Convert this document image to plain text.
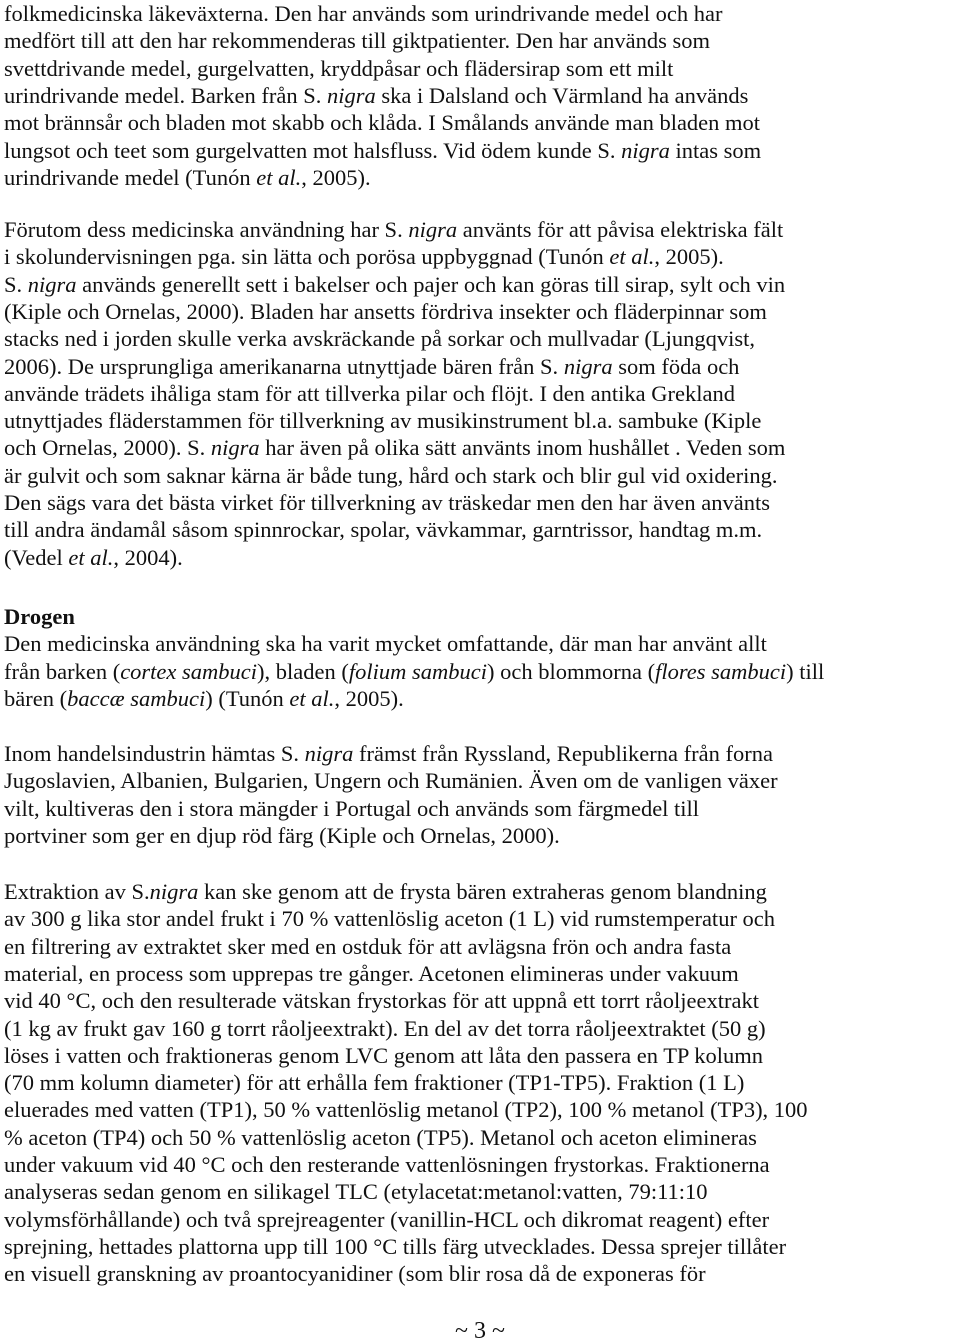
folkmedicinska läkeväxterna. Den har används som urindrivande medel och har
medfört till att den har rekommenderas till giktpatienter. Den har används som
svettdrivande medel, gurgelvatten, kryddpåsar och flädersirap som ett milt
urindrivande medel. Barken från S. nigra ska i Dalsland och Värmland ha används
mot brännsår och bladen mot skabb och klåda. I Smålands använde man bladen mot
lungsot och teet som gurgelvatten mot halsfluss. Vid ödem kunde S. nigra intas som
urindrivande medel (Tunón et al., 2005).
Förutom dess medicinska användning har S. nigra använts för att påvisa elektriska fält
i skolundervisningen pga. sin lätta och porösa uppbyggnad (Tunón et al., 2005).
S. nigra används generellt sett i bakelser och pajer och kan göras till sirap, sylt och vin
(Kiple och Ornelas, 2000). Bladen har ansetts fördriva insekter och fläderpinnar som
stacks ned i jorden skulle verka avskräckande på sorkar och mullvadar (Ljungqvist,
2006). De ursprungliga amerikanarna utnyttjade bären från S. nigra som föda och
använde trädets ihåliga stam för att tillverka pilar och flöjt. I den antika Grekland
utnyttjades fläderstammen för tillverkning av musikinstrument bl.a. sambuke (Kiple
och Ornelas, 2000). S. nigra har även på olika sätt använts inom hushållet . Veden som
är gulvit och som saknar kärna är både tung, hård och stark och blir gul vid oxidering.
Den sägs vara det bästa virket för tillverkning av träskedar men den har även använts
till andra ändamål såsom spinnrockar, spolar, vävkammar, garntrissor, handtag m.m.
(Vedel et al., 2004).
Drogen
Den medicinska användning ska ha varit mycket omfattande, där man har använt allt
från barken (cortex sambuci), bladen (folium sambuci) och blommorna (flores sambuci) till
bären (baccæ sambuci) (Tunón et al., 2005).
Inom handelsindustrin hämtas S. nigra främst från Ryssland, Republikerna från forna
Jugoslavien, Albanien, Bulgarien, Ungern och Rumänien. Även om de vanligen växer
vilt, kultiveras den i stora mängder i Portugal och används som färgmedel till
portviner som ger en djup röd färg (Kiple och Ornelas, 2000).
Extraktion av S.nigra kan ske genom att de frysta bären extraheras genom blandning
av 300 g lika stor andel frukt i 70 % vattenlöslig aceton (1 L) vid rumstemperatur och
en filtrering av extraktet sker med en ostduk för att avlägsna frön och andra fasta
material, en process som upprepas tre gånger. Acetonen elimineras under vakuum
vid 40 °C, och den resulterade vätskan frystorkas för att uppnå ett torrt råoljeextrakt
(1 kg av frukt gav 160 g torrt råoljeextrakt). En del av det torra råoljeextraktet (50 g)
löses i vatten och fraktioneras genom LVC genom att låta den passera en TP kolumn
(70 mm kolumn diameter) för att erhålla fem fraktioner (TP1-TP5). Fraktion (1 L)
eluerades med vatten (TP1), 50 % vattenlöslig metanol (TP2), 100 % metanol (TP3), 100
% aceton (TP4) och 50 % vattenlöslig aceton (TP5). Metanol och aceton elimineras
under vakuum vid 40 °C och den resterande vattenlösningen frystorkas. Fraktionerna
analyseras sedan genom en silikagel TLC (etylacetat:metanol:vatten, 79:11:10
volymsförhållande) och två sprejreagenter (vanillin-HCL och dikromat reagent) efter
sprejning, hettades plattorna upp till 100 °C tills färg utvecklades. Dessa sprejer tillåter
en visuell granskning av proantocyanidiner (som blir rosa då de exponeras för
~ 3 ~
